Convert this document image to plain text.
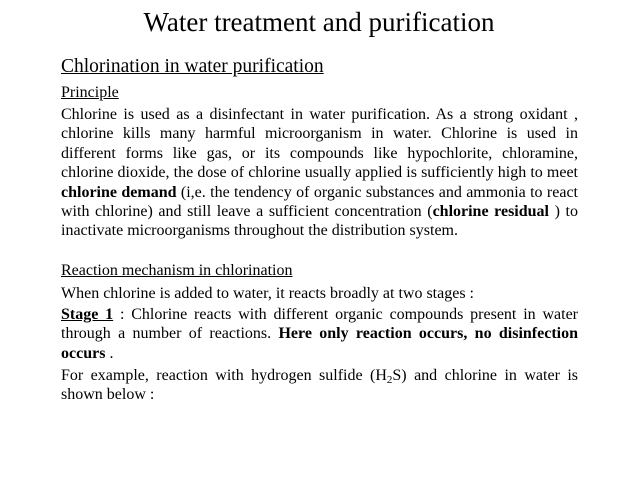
Water treatment and purification
Chlorination in water purification
Principle

Chlorine is used as a disinfectant in water purification. As a strong oxidant , chlorine kills many harmful microorganism in water. Chlorine is used in different forms like gas, or its compounds like hypochlorite, chloramine, chlorine dioxide, the dose of chlorine usually applied is sufficiently high to meet chlorine demand (i,e. the tendency of organic substances and ammonia to react with chlorine) and still leave a sufficient concentration (chlorine residual ) to inactivate microorganisms throughout the distribution system.

Reaction mechanism in chlorination
When chlorine is added to water, it reacts broadly at two stages :

Stage 1 : Chlorine reacts with different organic compounds present in water through a number of reactions. Here only reaction occurs, no disinfection occurs .

For example, reaction with hydrogen sulfide $(H_2S)$ and chlorine in water is shown below :
